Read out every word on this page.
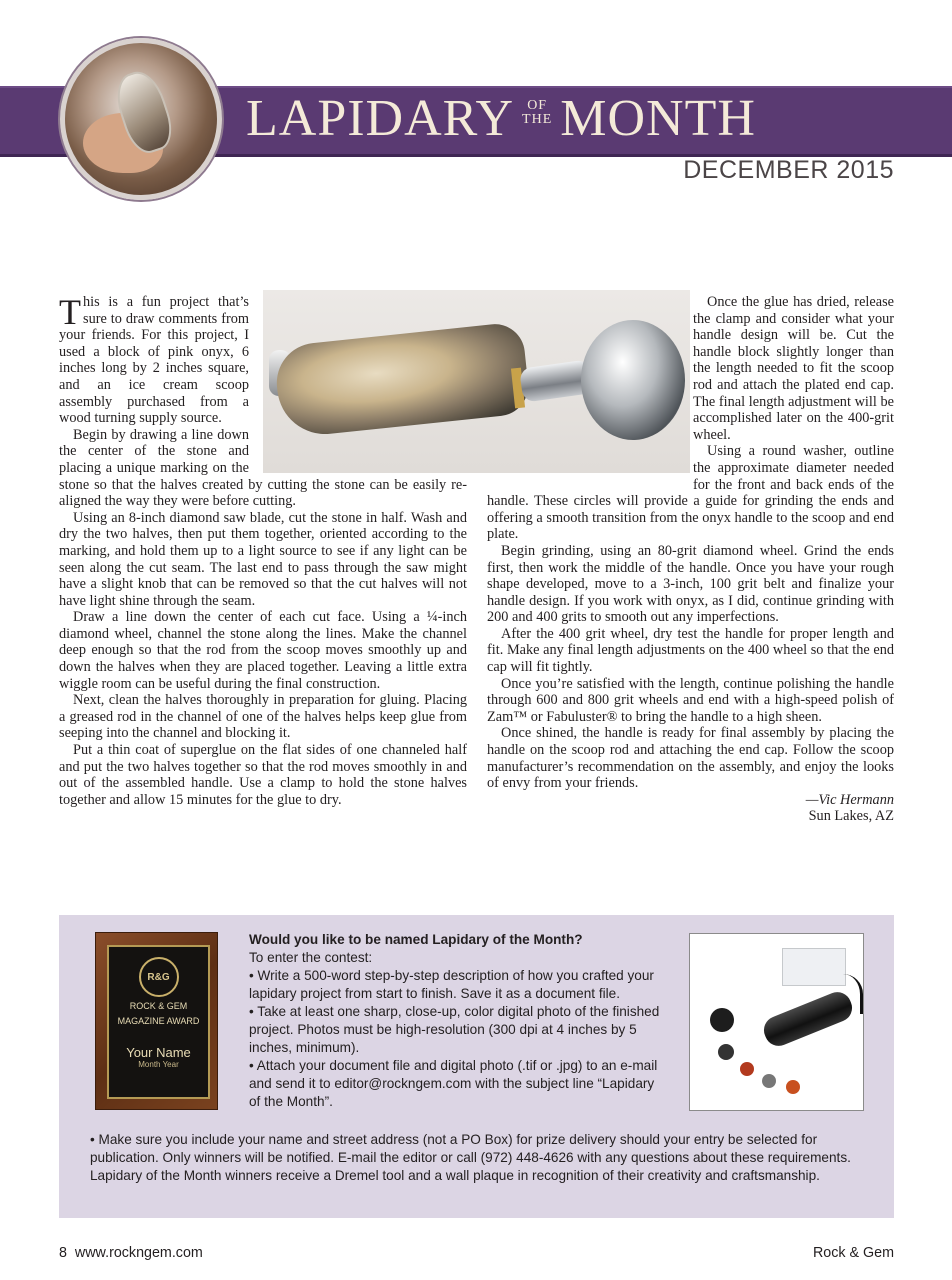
LAPIDARY OF
THE MONTH
DECEMBER 2015

This is a fun project that’s sure to draw comments from your friends. For this project, I used a block of pink onyx, 6 inches long by 2 inches square, and an ice cream scoop assembly purchased from a wood turning supply source.

Begin by drawing a line down the center of the stone and placing a unique marking on the stone so that the halves created by cutting the stone can be easily re-aligned the way they were before cutting.

Using an 8-inch diamond saw blade, cut the stone in half. Wash and dry the two halves, then put them together, oriented according to the marking, and hold them up to a light source to see if any light can be seen along the cut seam. The last end to pass through the saw might have a slight knob that can be removed so that the cut halves will not have light shine through the seam.

Draw a line down the center of each cut face. Using a ¼-inch diamond wheel, channel the stone along the lines. Make the channel deep enough so that the rod from the scoop moves smoothly up and down the halves when they are placed together. Leaving a little extra wiggle room can be useful during the final construction.

Next, clean the halves thoroughly in preparation for gluing. Placing a greased rod in the channel of one of the halves helps keep glue from seeping into the channel and blocking it.

Put a thin coat of superglue on the flat sides of one channeled half and put the two halves together so that the rod moves smoothly in and out of the assembled handle. Use a clamp to hold the stone halves together and allow 15 minutes for the glue to dry.

Once the glue has dried, release the clamp and consider what your handle design will be. Cut the handle block slightly longer than the length needed to fit the scoop rod and attach the plated end cap. The final length adjustment will be accomplished later on the 400-grit wheel.

Using a round washer, outline the approximate diameter needed for the front and back ends of the handle. These circles will provide a guide for grinding the ends and offering a smooth transition from the onyx handle to the scoop and end plate.

Begin grinding, using an 80-grit diamond wheel. Grind the ends first, then work the middle of the handle. Once you have your rough shape developed, move to a 3-inch, 100 grit belt and finalize your handle design. If you work with onyx, as I did, continue grinding with 200 and 400 grits to smooth out any imperfections.

After the 400 grit wheel, dry test the handle for proper length and fit. Make any final length adjustments on the 400 wheel so that the end cap will fit tightly.

Once you’re satisfied with the length, continue polishing the handle through 600 and 800 grit wheels and end with a high-speed polish of Zam™ or Fabuluster® to bring the handle to a high sheen.

Once shined, the handle is ready for final assembly by placing the handle on the scoop rod and attaching the end cap. Follow the scoop manufacturer’s recommendation on the assembly, and enjoy the looks of envy from your friends.

—Vic Hermann
Sun Lakes, AZ
R&G
ROCK & GEM
MAGAZINE AWARD
Your Name
Month Year
Would you like to be named Lapidary of the Month?
To enter the contest:
• Write a 500-word step-by-step description of how you crafted your lapidary project from start to finish. Save it as a document file.
• Take at least one sharp, close-up, color digital photo of the finished project. Photos must be high-resolution (300 dpi at 4 inches by 5 inches, minimum).
• Attach your document file and digital photo (.tif or .jpg) to an e-mail and send it to editor@rockngem.com with the subject line “Lapidary of the Month”.
• Make sure you include your name and street address (not a PO Box) for prize delivery should your entry be selected for publication. Only winners will be notified. E-mail the editor or call (972) 448-4626 with any questions about these requirements.
Lapidary of the Month winners receive a Dremel tool and a wall plaque in recognition of their creativity and craftsmanship.
8 www.rockngem.com	Rock & Gem
